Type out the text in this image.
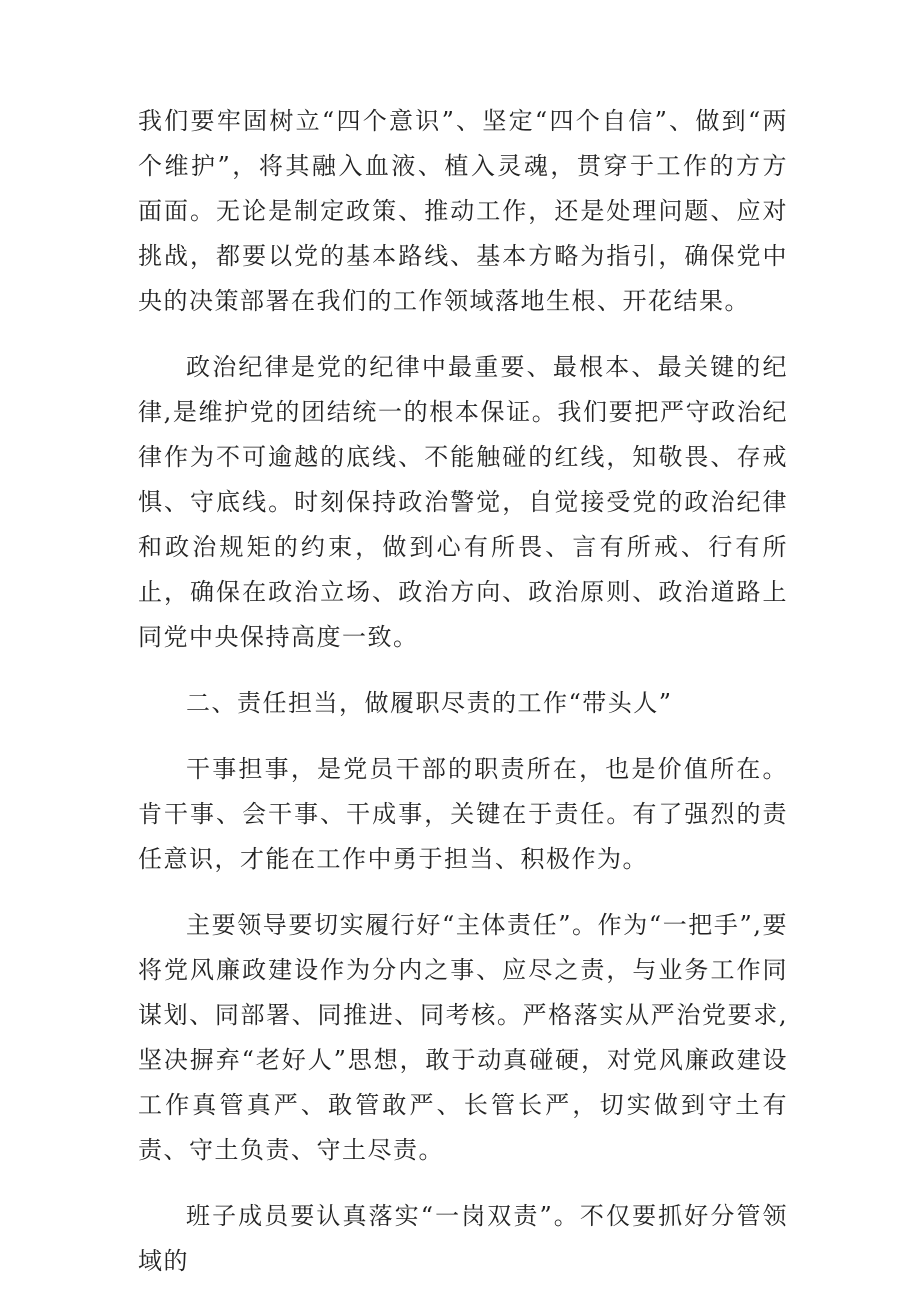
我们要牢固树立“四个意识”、坚定“四个自信”、做到“两个维护”，将其融入血液、植入灵魂，贯穿于工作的方方面面。无论是制定政策、推动工作，还是处理问题、应对挑战，都要以党的基本路线、基本方略为指引，确保党中央的决策部署在我们的工作领域落地生根、开花结果。

政治纪律是党的纪律中最重要、最根本、最关键的纪律,是维护党的团结统一的根本保证。我们要把严守政治纪律作为不可逾越的底线、不能触碰的红线，知敬畏、存戒惧、守底线。时刻保持政治警觉，自觉接受党的政治纪律和政治规矩的约束，做到心有所畏、言有所戒、行有所止，确保在政治立场、政治方向、政治原则、政治道路上同党中央保持高度一致。

二、责任担当，做履职尽责的工作“带头人”

干事担事，是党员干部的职责所在，也是价值所在。肯干事、会干事、干成事，关键在于责任。有了强烈的责任意识，才能在工作中勇于担当、积极作为。

主要领导要切实履行好“主体责任”。作为“一把手”,要将党风廉政建设作为分内之事、应尽之责，与业务工作同谋划、同部署、同推进、同考核。严格落实从严治党要求,坚决摒弃“老好人”思想，敢于动真碰硬，对党风廉政建设工作真管真严、敢管敢严、长管长严，切实做到守土有责、守土负责、守土尽责。

班子成员要认真落实“一岗双责”。不仅要抓好分管领域的
